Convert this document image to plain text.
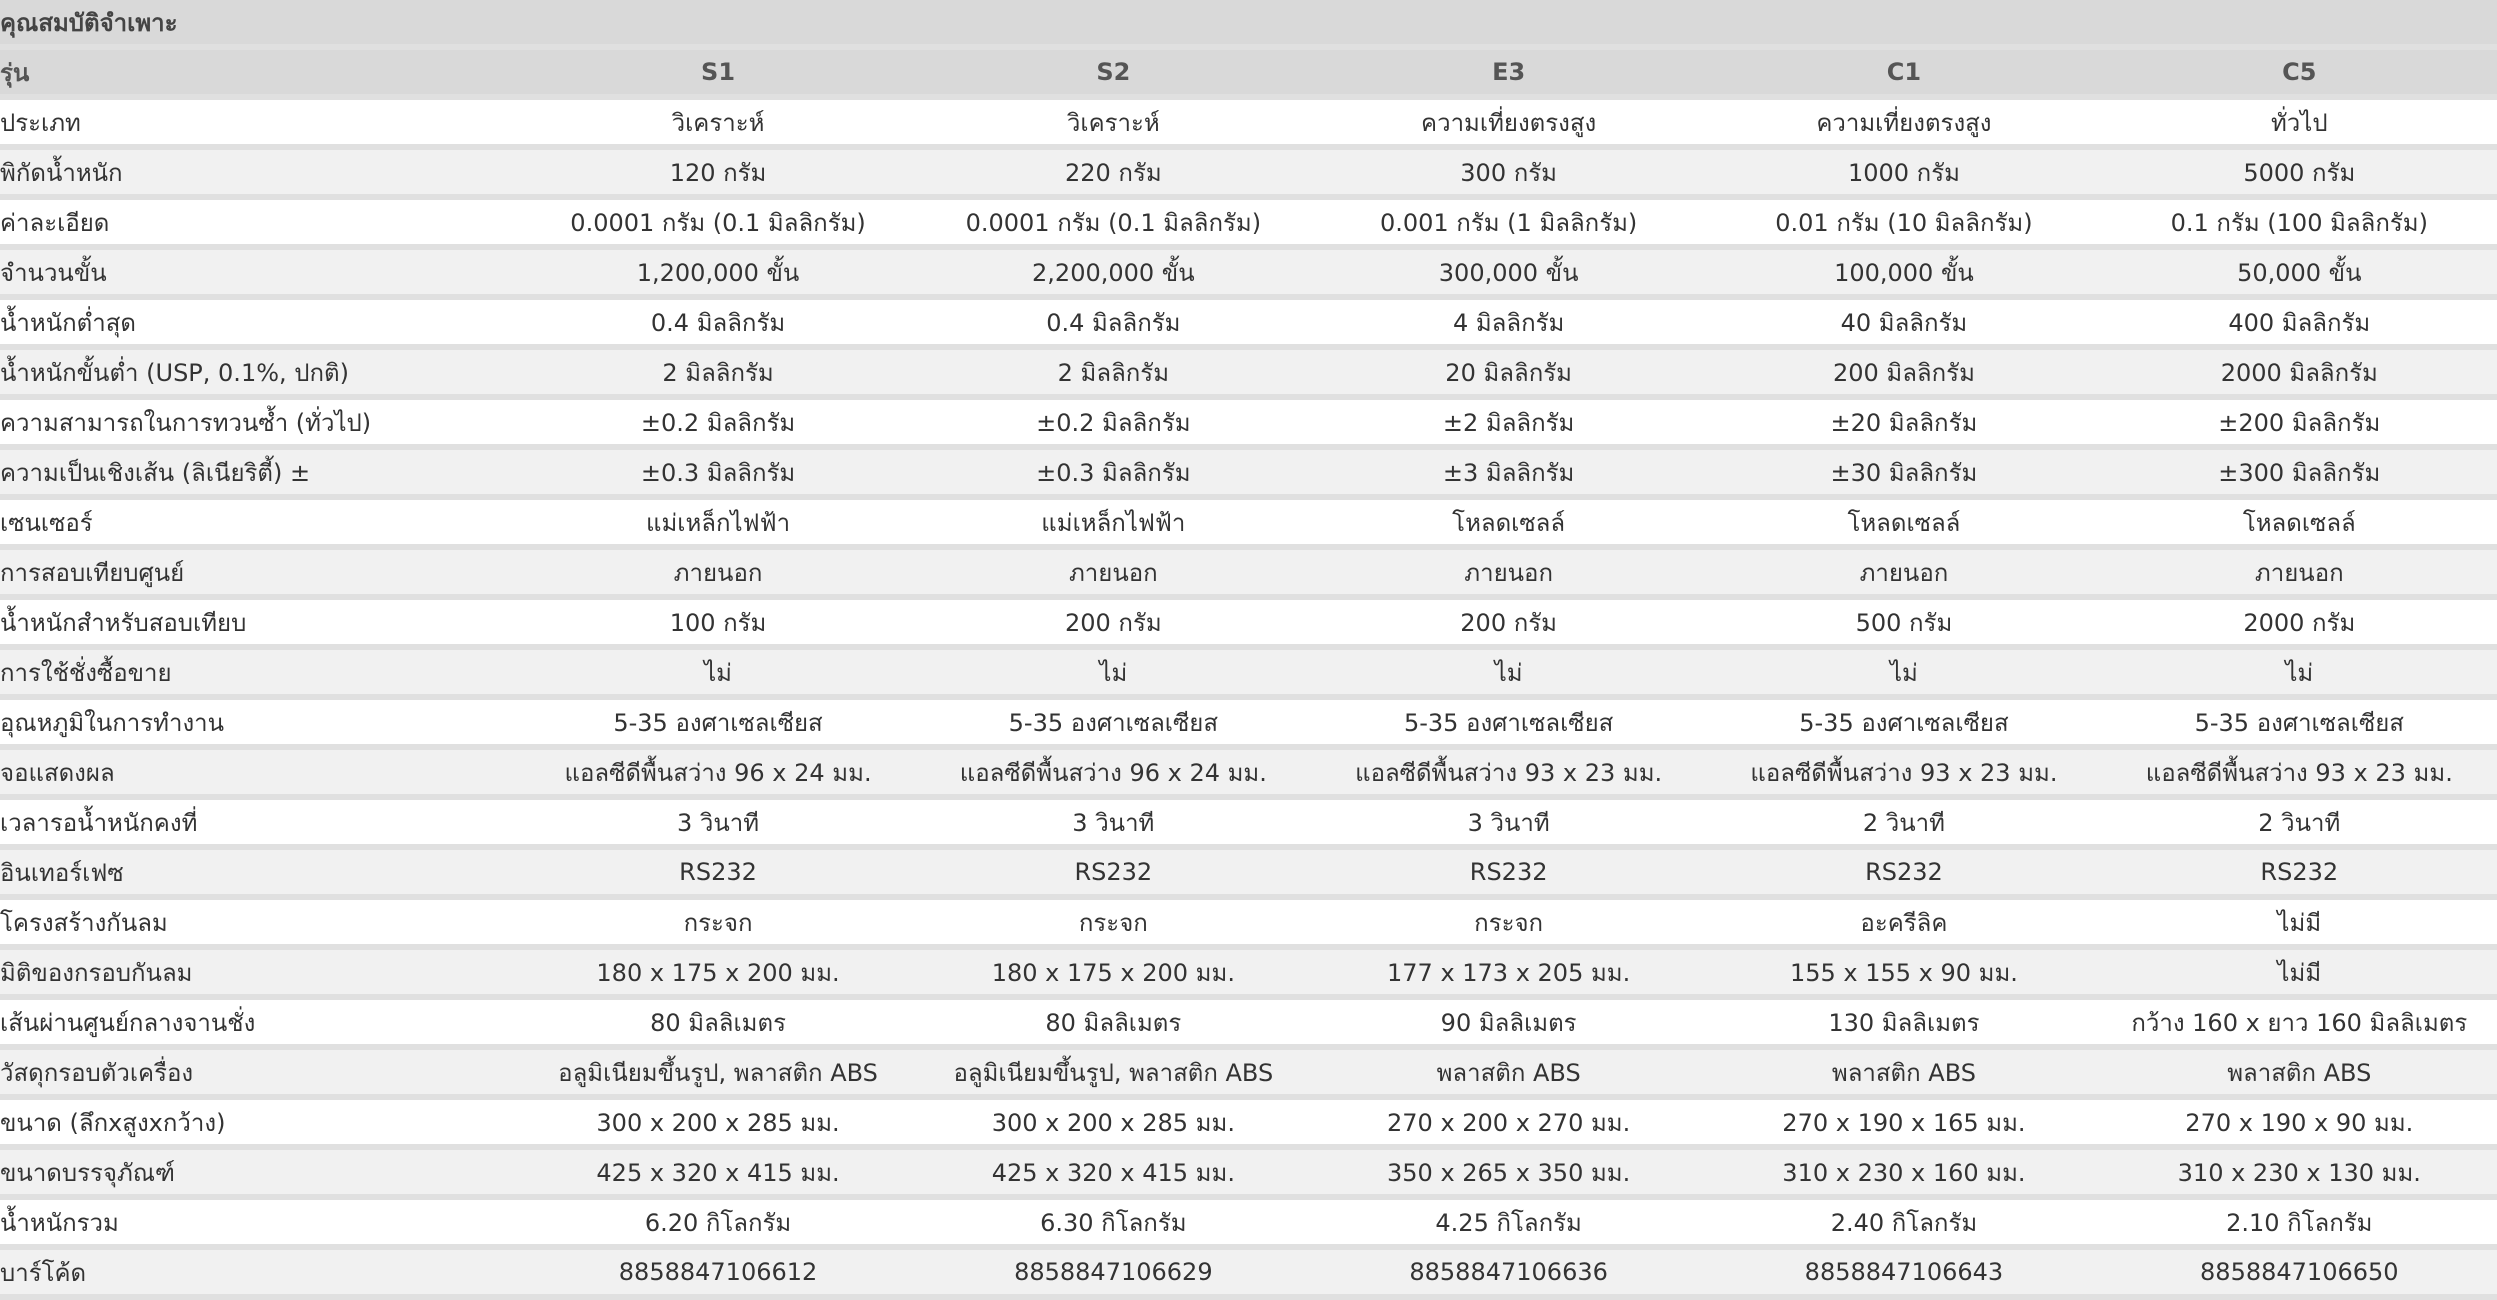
คุณสมบัติจำเพาะ					
รุ่น	S1	S2	E3	C1	C5
ประเภท	วิเคราะห์	วิเคราะห์	ความเที่ยงตรงสูง	ความเที่ยงตรงสูง	ทั่วไป
พิกัดน้ำหนัก	120 กรัม	220 กรัม	300 กรัม	1000 กรัม	5000 กรัม
ค่าละเอียด	0.0001 กรัม (0.1 มิลลิกรัม)	0.0001 กรัม (0.1 มิลลิกรัม)	0.001 กรัม (1 มิลลิกรัม)	0.01 กรัม (10 มิลลิกรัม)	0.1 กรัม (100 มิลลิกรัม)
จำนวนขั้น	1,200,000 ขั้น	2,200,000 ขั้น	300,000 ขั้น	100,000 ขั้น	50,000 ขั้น
น้ำหนักต่ำสุด	0.4 มิลลิกรัม	0.4 มิลลิกรัม	4 มิลลิกรัม	40 มิลลิกรัม	400 มิลลิกรัม
น้ำหนักขั้นต่ำ (USP, 0.1%, ปกติ)	2 มิลลิกรัม	2 มิลลิกรัม	20 มิลลิกรัม	200 มิลลิกรัม	2000 มิลลิกรัม
ความสามารถในการทวนซ้ำ (ทั่วไป)	±0.2 มิลลิกรัม	±0.2 มิลลิกรัม	±2 มิลลิกรัม	±20 มิลลิกรัม	±200 มิลลิกรัม
ความเป็นเชิงเส้น (ลิเนียริตี้) ±	±0.3 มิลลิกรัม	±0.3 มิลลิกรัม	±3 มิลลิกรัม	±30 มิลลิกรัม	±300 มิลลิกรัม
เซนเซอร์	แม่เหล็กไฟฟ้า	แม่เหล็กไฟฟ้า	โหลดเซลล์	โหลดเซลล์	โหลดเซลล์
การสอบเทียบศูนย์	ภายนอก	ภายนอก	ภายนอก	ภายนอก	ภายนอก
น้ำหนักสำหรับสอบเทียบ	100 กรัม	200 กรัม	200 กรัม	500 กรัม	2000 กรัม
การใช้ชั่งซื้อขาย	ไม่	ไม่	ไม่	ไม่	ไม่
อุณหภูมิในการทำงาน	5-35 องศาเซลเซียส	5-35 องศาเซลเซียส	5-35 องศาเซลเซียส	5-35 องศาเซลเซียส	5-35 องศาเซลเซียส
จอแสดงผล	แอลซีดีพื้นสว่าง 96 x 24 มม.	แอลซีดีพื้นสว่าง 96 x 24 มม.	แอลซีดีพื้นสว่าง 93 x 23 มม.	แอลซีดีพื้นสว่าง 93 x 23 มม.	แอลซีดีพื้นสว่าง 93 x 23 มม.
เวลารอน้ำหนักคงที่	3 วินาที	3 วินาที	3 วินาที	2 วินาที	2 วินาที
อินเทอร์เฟซ	RS232	RS232	RS232	RS232	RS232
โครงสร้างกันลม	กระจก	กระจก	กระจก	อะครีลิค	ไม่มี
มิติของกรอบกันลม	180 x 175 x 200 มม.	180 x 175 x 200 มม.	177 x 173 x 205 มม.	155 x 155 x 90 มม.	ไม่มี
เส้นผ่านศูนย์กลางจานชั่ง	80 มิลลิเมตร	80 มิลลิเมตร	90 มิลลิเมตร	130 มิลลิเมตร	กว้าง 160 x ยาว 160 มิลลิเมตร
วัสดุกรอบตัวเครื่อง	อลูมิเนียมขึ้นรูป, พลาสติก ABS	อลูมิเนียมขึ้นรูป, พลาสติก ABS	พลาสติก ABS	พลาสติก ABS	พลาสติก ABS
ขนาด (ลึกxสูงxกว้าง)	300 x 200 x 285 มม.	300 x 200 x 285 มม.	270 x 200 x 270 มม.	270 x 190 x 165 มม.	270 x 190 x 90 มม.
ขนาดบรรจุภัณฑ์	425 x 320 x 415 มม.	425 x 320 x 415 มม.	350 x 265 x 350 มม.	310 x 230 x 160 มม.	310 x 230 x 130 มม.
น้ำหนักรวม	6.20 กิโลกรัม	6.30 กิโลกรัม	4.25 กิโลกรัม	2.40 กิโลกรัม	2.10 กิโลกรัม
บาร์โค้ด	8858847106612	8858847106629	8858847106636	8858847106643	8858847106650
